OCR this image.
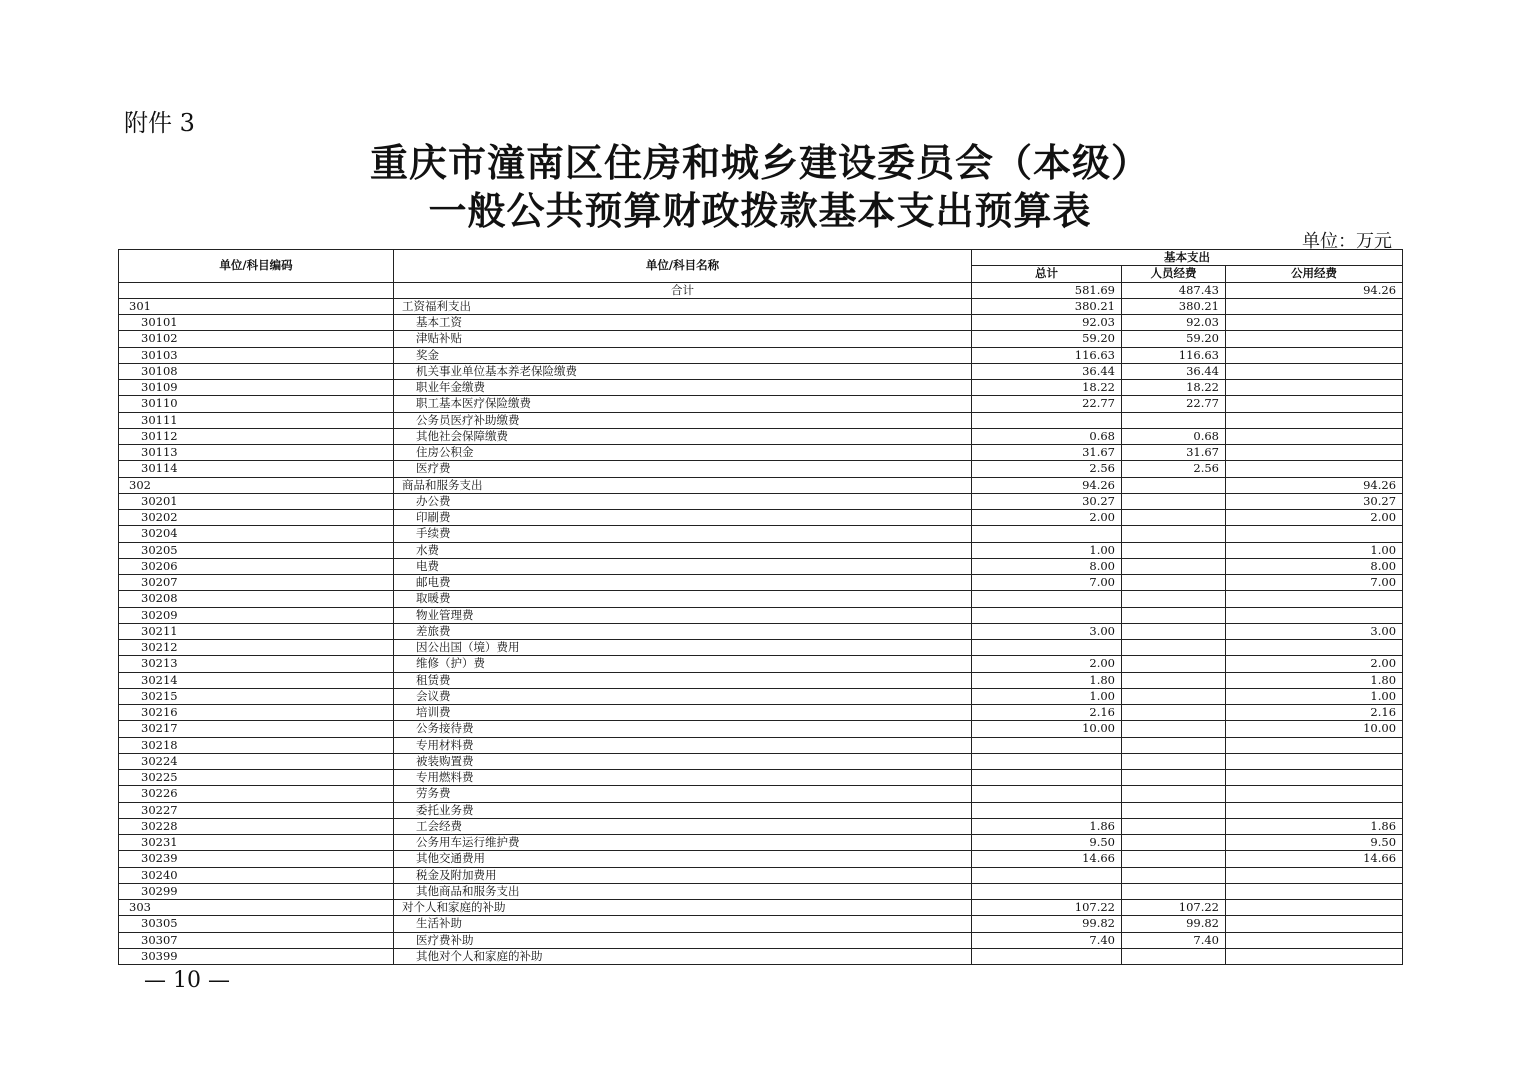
附件 3
重庆市潼南区住房和城乡建设委员会（本级）
一般公共预算财政拨款基本支出预算表
单位：万元
单位/科目编码	单位/科目名称	基本支出		
		总计	人员经费	公用经费
	合计	581.69	487.43	94.26
301	工资福利支出	380.21	380.21	
30101	基本工资	92.03	92.03	
30102	津贴补贴	59.20	59.20	
30103	奖金	116.63	116.63	
30108	机关事业单位基本养老保险缴费	36.44	36.44	
30109	职业年金缴费	18.22	18.22	
30110	职工基本医疗保险缴费	22.77	22.77	
30111	公务员医疗补助缴费			
30112	其他社会保障缴费	0.68	0.68	
30113	住房公积金	31.67	31.67	
30114	医疗费	2.56	2.56	
302	商品和服务支出	94.26		94.26
30201	办公费	30.27		30.27
30202	印刷费	2.00		2.00
30204	手续费			
30205	水费	1.00		1.00
30206	电费	8.00		8.00
30207	邮电费	7.00		7.00
30208	取暖费			
30209	物业管理费			
30211	差旅费	3.00		3.00
30212	因公出国（境）费用			
30213	维修（护）费	2.00		2.00
30214	租赁费	1.80		1.80
30215	会议费	1.00		1.00
30216	培训费	2.16		2.16
30217	公务接待费	10.00		10.00
30218	专用材料费			
30224	被装购置费			
30225	专用燃料费			
30226	劳务费			
30227	委托业务费			
30228	工会经费	1.86		1.86
30231	公务用车运行维护费	9.50		9.50
30239	其他交通费用	14.66		14.66
30240	税金及附加费用			
30299	其他商品和服务支出			
303	对个人和家庭的补助	107.22	107.22	
30305	生活补助	99.82	99.82	
30307	医疗费补助	7.40	7.40	
30399	其他对个人和家庭的补助			
— 10 —
